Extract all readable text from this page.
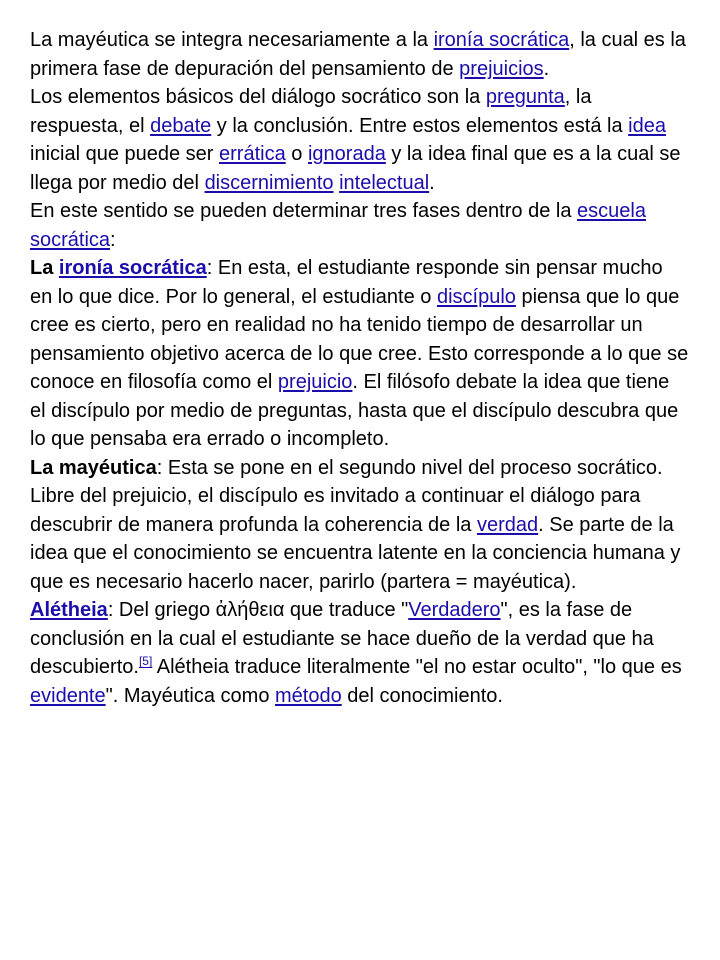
La mayéutica se integra necesariamente a la ironía socrática, la cual es la primera fase de depuración del pensamiento de prejuicios.

Los elementos básicos del diálogo socrático son la pregunta, la respuesta, el debate y la conclusión. Entre estos elementos está la idea inicial que puede ser errática o ignorada y la idea final que es a la cual se llega por medio del discernimiento intelectual.

En este sentido se pueden determinar tres fases dentro de la escuela socrática:

La ironía socrática: En esta, el estudiante responde sin pensar mucho en lo que dice. Por lo general, el estudiante o discípulo piensa que lo que cree es cierto, pero en realidad no ha tenido tiempo de desarrollar un pensamiento objetivo acerca de lo que cree. Esto corresponde a lo que se conoce en filosofía como el prejuicio. El filósofo debate la idea que tiene el discípulo por medio de preguntas, hasta que el discípulo descubra que lo que pensaba era errado o incompleto.

La mayéutica: Esta se pone en el segundo nivel del proceso socrático. Libre del prejuicio, el discípulo es invitado a continuar el diálogo para descubrir de manera profunda la coherencia de la verdad. Se parte de la idea que el conocimiento se encuentra latente en la conciencia humana y que es necesario hacerlo nacer, parirlo (partera = mayéutica).

Alétheia: Del griego ἀλήθεια que traduce "Verdadero", es la fase de conclusión en la cual el estudiante se hace dueño de la verdad que ha descubierto.[5] Alétheia traduce literalmente "el no estar oculto", "lo que es evidente". Mayéutica como método del conocimiento.
